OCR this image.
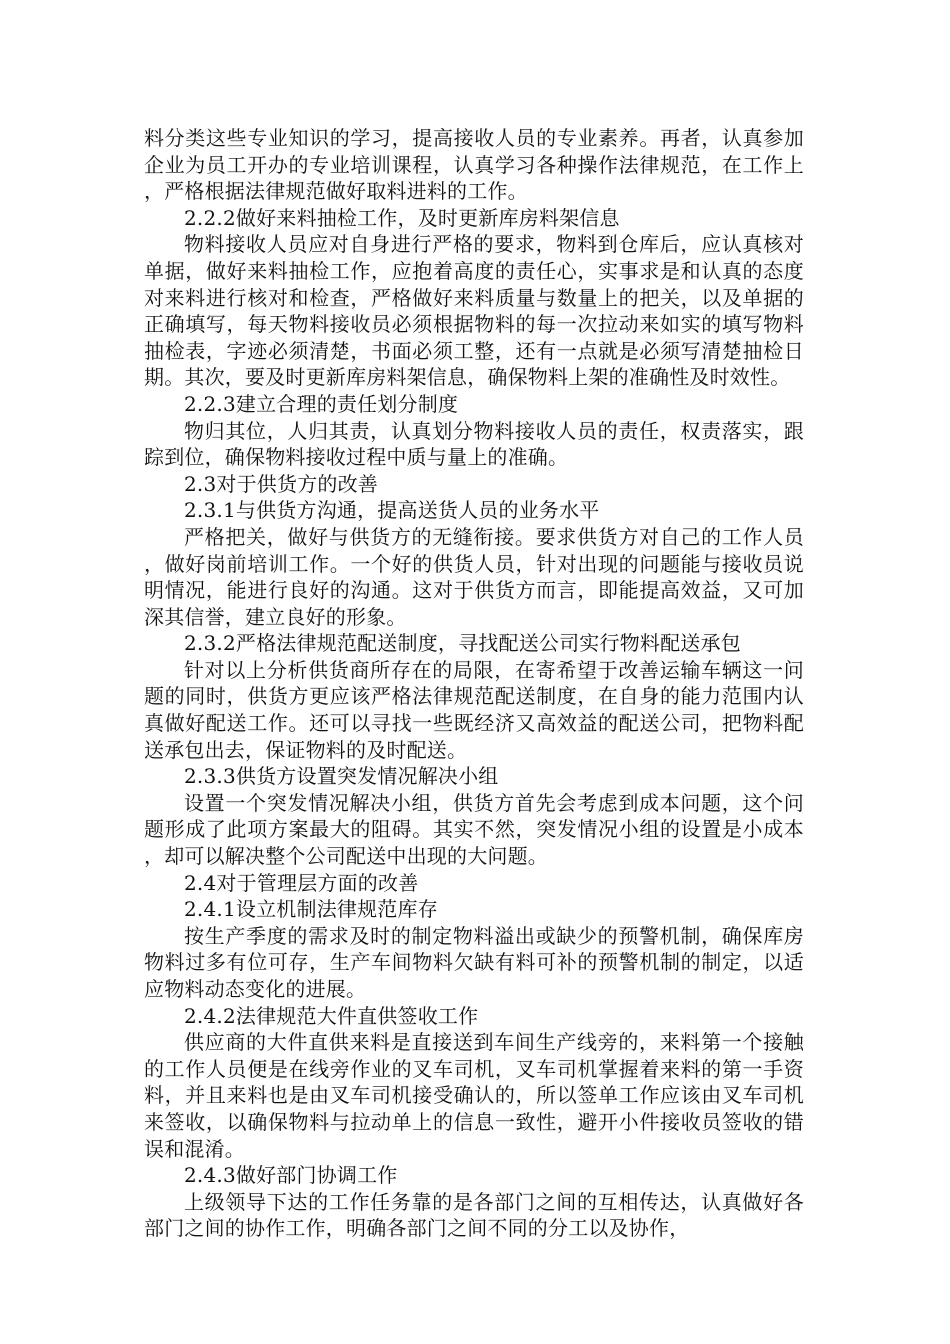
料分类这些专业知识的学习，提高接收人员的专业素养。再者，认真参加企业为员工开办的专业培训课程，认真学习各种操作法律规范，在工作上，严格根据法律规范做好取料进料的工作。

2.2.2做好来料抽检工作，及时更新库房料架信息

物料接收人员应对自身进行严格的要求，物料到仓库后，应认真核对单据，做好来料抽检工作，应抱着高度的责任心，实事求是和认真的态度对来料进行核对和检查，严格做好来料质量与数量上的把关，以及单据的正确填写，每天物料接收员必须根据物料的每一次拉动来如实的填写物料抽检表，字迹必须清楚，书面必须工整，还有一点就是必须写清楚抽检日期。其次，要及时更新库房料架信息，确保物料上架的准确性及时效性。

2.2.3建立合理的责任划分制度

物归其位，人归其责，认真划分物料接收人员的责任，权责落实，跟踪到位，确保物料接收过程中质与量上的准确。

2.3对于供货方的改善

2.3.1与供货方沟通，提高送货人员的业务水平

严格把关，做好与供货方的无缝衔接。要求供货方对自己的工作人员，做好岗前培训工作。一个好的供货人员，针对出现的问题能与接收员说明情况，能进行良好的沟通。这对于供货方而言，即能提高效益，又可加深其信誉，建立良好的形象。

2.3.2严格法律规范配送制度，寻找配送公司实行物料配送承包

针对以上分析供货商所存在的局限，在寄希望于改善运输车辆这一问题的同时，供货方更应该严格法律规范配送制度，在自身的能力范围内认真做好配送工作。还可以寻找一些既经济又高效益的配送公司，把物料配送承包出去，保证物料的及时配送。

2.3.3供货方设置突发情况解决小组

设置一个突发情况解决小组，供货方首先会考虑到成本问题，这个问题形成了此项方案最大的阻碍。其实不然，突发情况小组的设置是小成本，却可以解决整个公司配送中出现的大问题。

2.4对于管理层方面的改善

2.4.1设立机制法律规范库存

按生产季度的需求及时的制定物料溢出或缺少的预警机制，确保库房物料过多有位可存，生产车间物料欠缺有料可补的预警机制的制定，以适应物料动态变化的进展。

2.4.2法律规范大件直供签收工作

供应商的大件直供来料是直接送到车间生产线旁的，来料第一个接触的工作人员便是在线旁作业的叉车司机，叉车司机掌握着来料的第一手资料，并且来料也是由叉车司机接受确认的，所以签单工作应该由叉车司机来签收，以确保物料与拉动单上的信息一致性，避开小件接收员签收的错误和混淆。

2.4.3做好部门协调工作

上级领导下达的工作任务靠的是各部门之间的互相传达，认真做好各部门之间的协作工作，明确各部门之间不同的分工以及协作，
